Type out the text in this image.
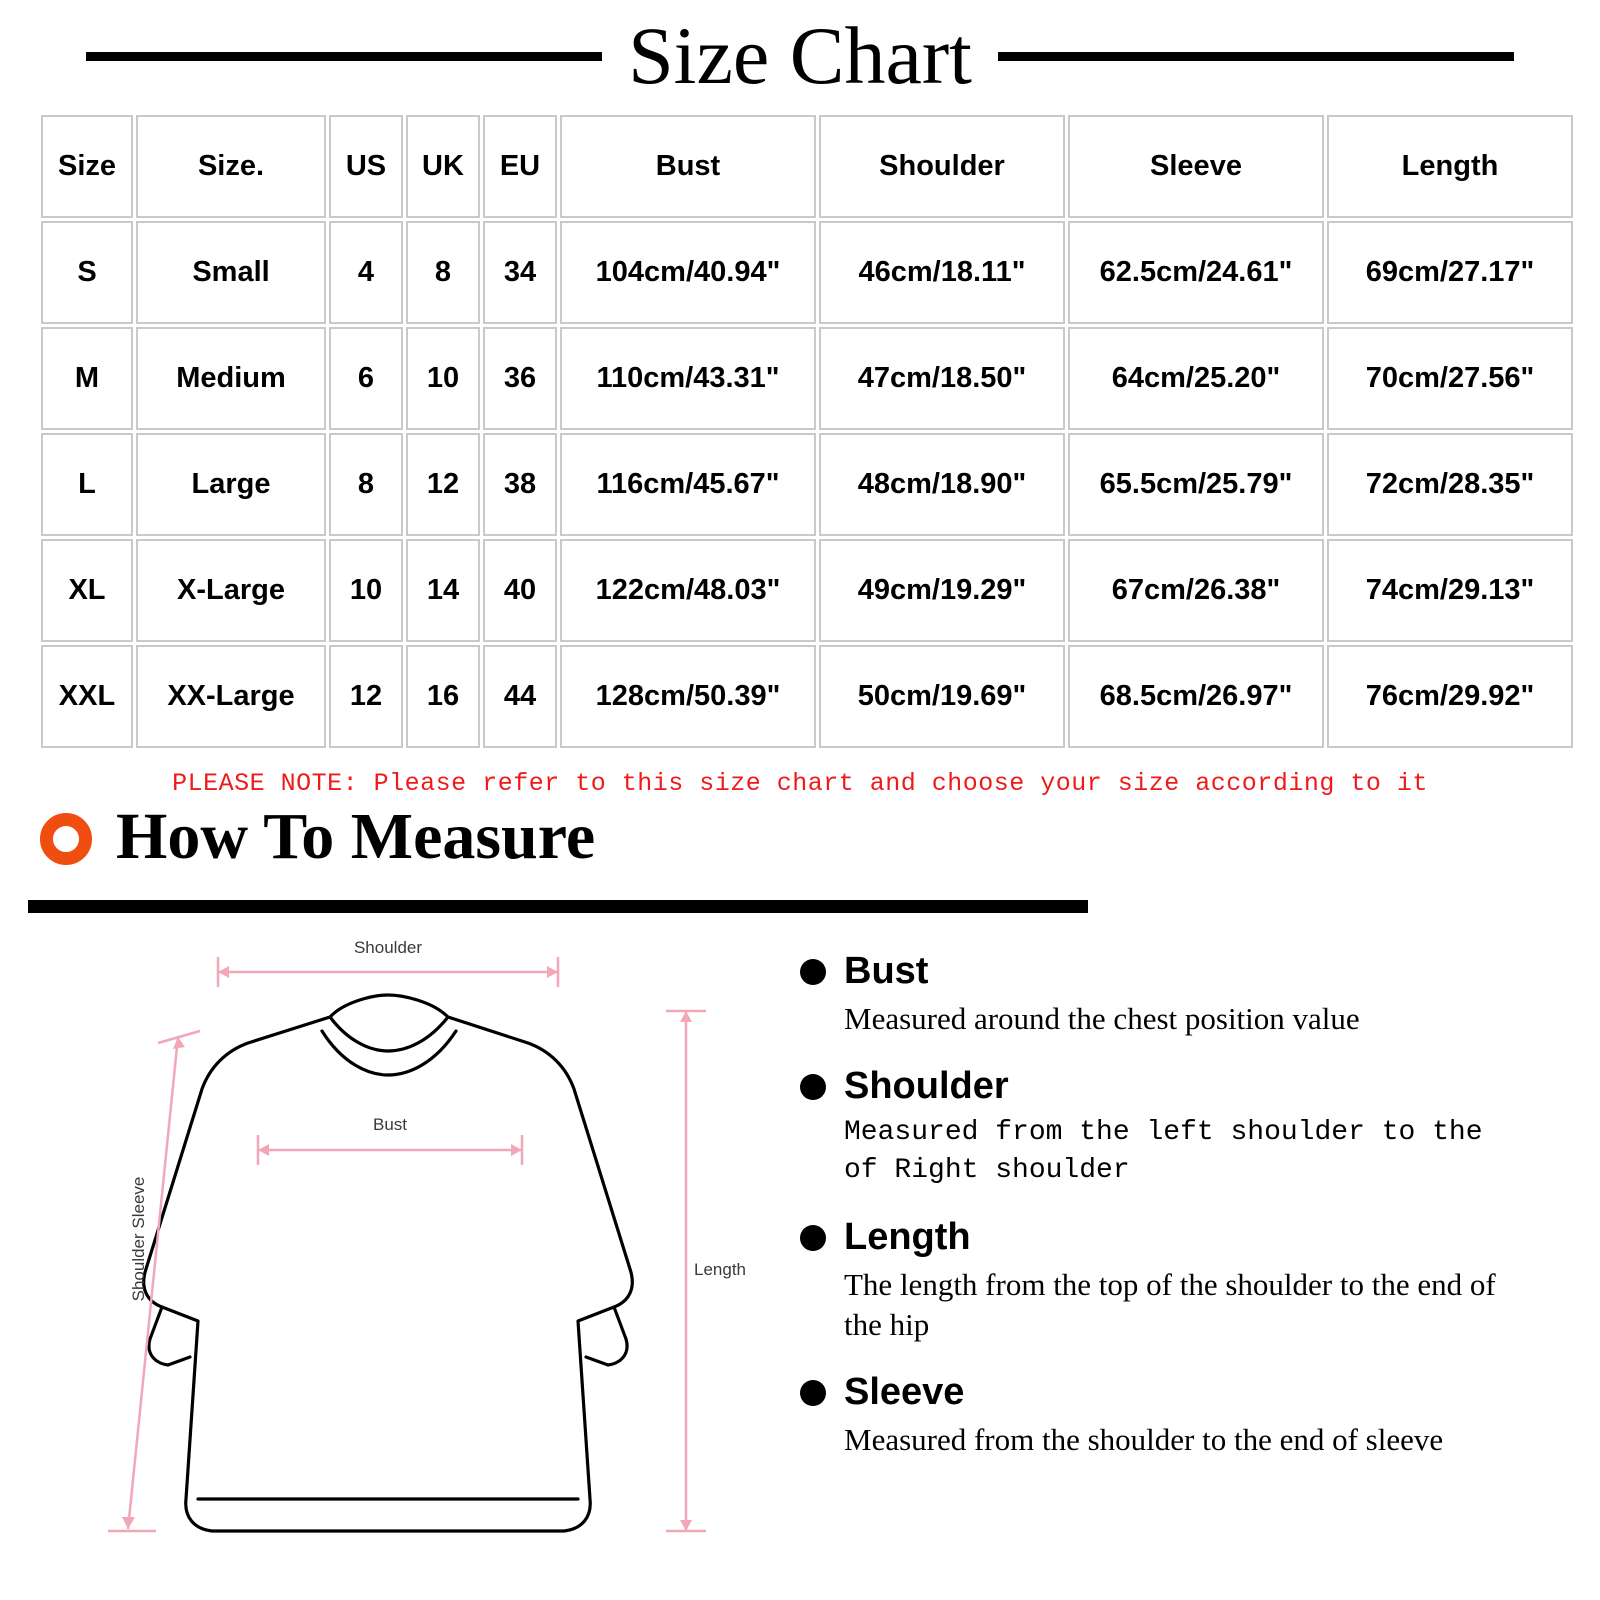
Size Chart
Size	Size.	US	UK	EU	Bust	Shoulder	Sleeve	Length
S	Small	4	8	34	104cm/40.94"	46cm/18.11"	62.5cm/24.61"	69cm/27.17"
M	Medium	6	10	36	110cm/43.31"	47cm/18.50"	64cm/25.20"	70cm/27.56"
L	Large	8	12	38	116cm/45.67"	48cm/18.90"	65.5cm/25.79"	72cm/28.35"
XL	X-Large	10	14	40	122cm/48.03"	49cm/19.29"	67cm/26.38"	74cm/29.13"
XXL	XX-Large	12	16	44	128cm/50.39"	50cm/19.69"	68.5cm/26.97"	76cm/29.92"
PLEASE NOTE: Please refer to this size chart and choose your size according to it
How To Measure
Shoulder
Bust
Length
Shoulder Sleeve
Bust
Measured around the chest position value
Shoulder
Measured from the left shoulder to the of Right shoulder
Length
The length from the top of the shoulder to the end of the hip
Sleeve
Measured from the shoulder to the end of sleeve
